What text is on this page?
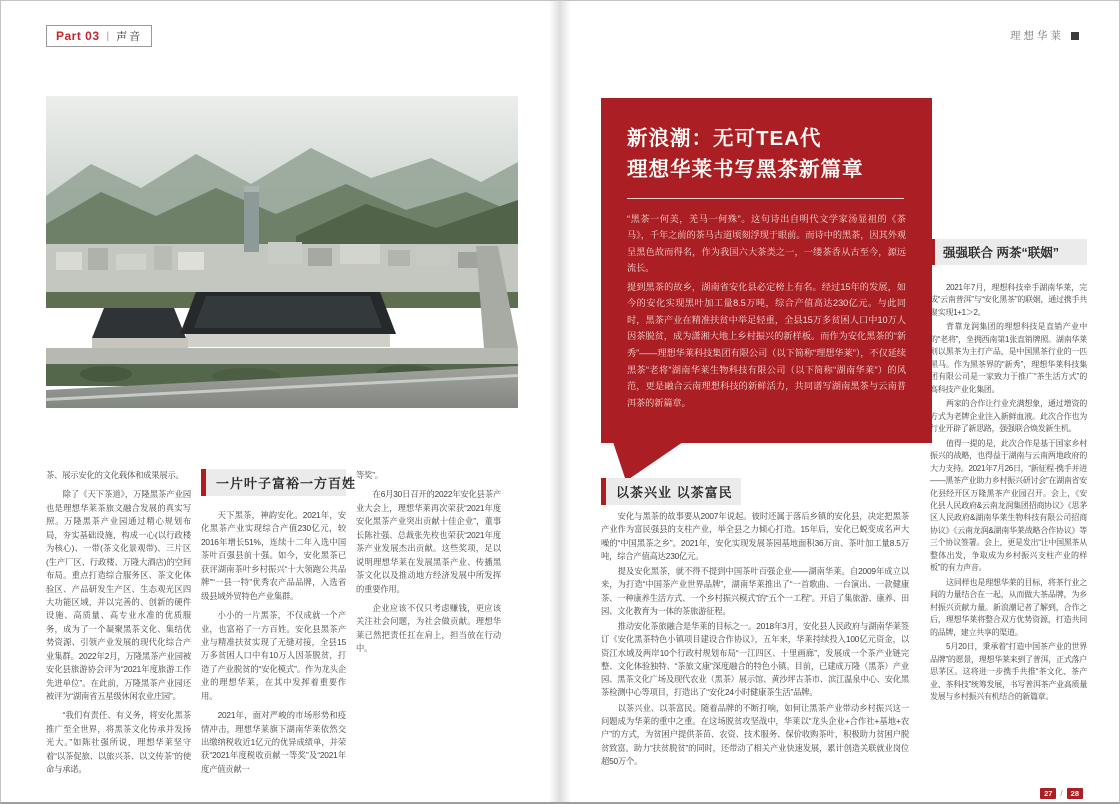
Part 03 | 声音	理想华莱

茶、展示安化的文化载体和成果展示。

除了《天下茶道》，万隆黑茶产业园也是理想华莱茶旅文融合发展的真实写照。万隆黑茶产业园通过精心规划布局，夯实基础设施，构成一心(以行政楼为核心)、一带(茶文化景观带)、三片区(生产厂区、行政楼、万隆大酒店)的空间布局。重点打造综合服务区、茶文化体验区、产品研发生产区、生态观光区四大功能区域，并以完善的、创新的硬件设施、高质量、高专业水准的优质服务，成为了一个凝聚黑茶文化、集结优势资源、引领产业发展的现代化综合产业集群。2022年2月，万隆黑茶产业园被安化县旅游协会评为“2021年度旅游工作先进单位”。在此前，万隆黑茶产业园还被评为“湖南省五星级休闲农业庄园”。

“我们有责任、有义务，将安化黑茶推广至全世界，将黑茶文化传承并发扬光大。”如陈社强所说，理想华莱坚守着“以茶促旅、以旅兴茶、以文传茶”的使命与承诺。

一片叶子富裕一方百姓

天下黑茶，神韵安化。2021年，安化黑茶产业实现综合产值230亿元，较2016年增长51%，连续十二年入选中国茶叶百强县前十强。如今，安化黑茶已获评湖南茶叶乡村振兴“十大领跑公共品牌”“一县一特”优秀农产品品牌，入选省级县域外贸特色产业集群。

小小的一片黑茶，不仅成就一个产业，也富裕了一方百姓。安化县黑茶产业与精准扶贫实现了无缝对接，全县15万多贫困人口中有10万人因茶脱贫，打造了产业脱贫的“安化模式”。作为龙头企业的理想华莱，在其中发挥着重要作用。

2021年，面对严峻的市场形势和疫情冲击，理想华莱旗下湖南华莱依然交出缴纳税收近1亿元的优异成绩单，并荣获“2021年度税收贡献一等奖”及“2021年度产值贡献一

等奖”。

在6月30日召开的2022年安化县茶产业大会上，理想华莱再次荣获“2021年度安化黑茶产业突出贡献十佳企业”，董事长陈社强、总裁张先枚也荣获“2021年度茶产业发展杰出贡献。这些奖项，足以说明理想华莱在发展黑茶产业、传播黑茶文化以及推动地方经济发展中所发挥的重要作用。

企业应该不仅只考虑赚钱，更应该关注社会问题，为社会做贡献。理想华莱已然把责任扛在肩上，担当放在行动中。

新浪潮：无可TEA代
理想华莱书写黑茶新篇章

“黑茶一何美，羌马一何殊”。这句诗出自明代文学家汤显祖的《茶马》，千年之前的茶马古道顷刻浮现于眼前。而诗中的黑茶，因其外观呈黑色故而得名，作为我国六大茶类之一，一缕茶香从古至今，源远流长。

提到黑茶的故乡，湖南省安化县必定榜上有名。经过15年的发展，如今的安化实现黑叶加工量8.5万吨，综合产值高达230亿元。与此同时，黑茶产业在精准扶贫中举足轻重，全县15万多贫困人口中10万人因茶脱贫，成为潇湘大地上乡村振兴的新样板。而作为安化黑茶的“新秀”——理想华莱科技集团有限公司（以下简称“理想华莱”），不仅延续黑茶“老将”湖南华莱生物科技有限公司（以下简称“湖南华莱”）的风范，更是融合云南理想科技的新鲜活力，共同谱写湖南黑茶与云南普洱茶的新篇章。

以茶兴业 以茶富民

安化与黑茶的故事要从2007年说起。彼时还属于落后乡镇的安化县，决定把黑茶产业作为富民强县的支柱产业，举全县之力倾心打造。15年后，安化已蜕变成名声大噪的“中国黑茶之乡”。2021年，安化实现发展茶园基地面积36万亩、茶叶加工量8.5万吨，综合产值高达230亿元。

提及安化黑茶，就不得不提到中国茶叶百强企业——湖南华莱。自2009年成立以来，为打造“中国茶产业世界品牌”，湖南华莱推出了“一首歌曲、一台演出、一款健康茶、一种康养生活方式、一个乡村振兴模式”的“五个一工程”。开启了集旅游、康养、田园、文化教育为一体的茶旅游征程。

推动安化茶旅融合是华莱的目标之一。2018年3月，安化县人民政府与湖南华莱签订《安化黑茶特色小镇项目建设合作协议》，五年来，华莱持续投入100亿元资金，以资江水域及两岸10个行政村规划布局“一江四区、十里画廊”，发展成一个茶产业链完整、文化体验独特、“茶旅文康”深度融合的特色小镇。目前，已建成万隆（黑茶）产业园、黑茶文化广场及现代农业（黑茶）展示馆、黄沙坪古茶市、滨江温泉中心、安化黑茶检测中心等项目，打造出了“安化24小时健康茶生活”品牌。

以茶兴业、以茶富民。随着品牌的不断打响，如何让黑茶产业带动乡村振兴这一问题成为华莱的重中之重。在这场脱贫攻坚战中，华莱以“龙头企业+合作社+基地+农户”的方式，为贫困户提供茶苗、农资、技术服务、保价收购茶叶，积极助力贫困户脱贫致富。助力“扶贫脱贫”的同时，还带动了相关产业快速发展，累计创造关联就业岗位超50万个。

强强联合 两茶“联姻”

2021年7月，理想科技牵手湖南华莱，完成“云南普洱”与“安化黑茶”的联姻，通过携手共聚实现1+1＞2。

背靠龙润集团的理想科技是直销产业中的“老将”，坐拥西南第1张直销牌照。湖南华莱则以黑茶为主打产品，是中国黑茶行业的一匹黑马。作为黑茶界的“新秀”，理想华莱科技集团有限公司是一家致力于推广“茶生活方式”的高科技产业化集团。

两家的合作让行业充满想象，通过增资的方式为老牌企业注入新鲜血液。此次合作也为行业开辟了新思路，强强联合焕发新生机。

值得一提的是，此次合作是基于国家乡村振兴的战略，也得益于湖南与云南两地政府的大力支持。2021年7月26日，“新征程·携手并进——黑茶产业助力乡村振兴研讨会”在湖南省安化县经开区万隆黑茶产业园召开。会上，《安化县人民政府&云南龙润集团招商协议》《思茅区人民政府&湖南华莱生物科技有限公司招商协议》《云南龙润&湖南华莱战略合作协议》等三个协议签署。会上，更是发出“让中国黑茶从整体出发，争取成为乡村振兴支柱产业的样板”的有力声音。

这同样也是理想华莱的目标，将茶行业之间的力量结合在一起，从而做大茶品牌，为乡村振兴贡献力量。新浪潮记者了解到，合作之后，理想华莱将整合双方优势资源，打造共同的品牌，建立共享的渠道。

5月20日，秉承着“打造中国茶产业的世界品牌”的愿景，理想华莱来到了普洱，正式落户思茅区。这将进一步携手共推“茶文化、茶产业、茶科技”统筹发展，书写普洱茶产业高质量发展与乡村振兴有机结合的新篇章。

27	/	28
